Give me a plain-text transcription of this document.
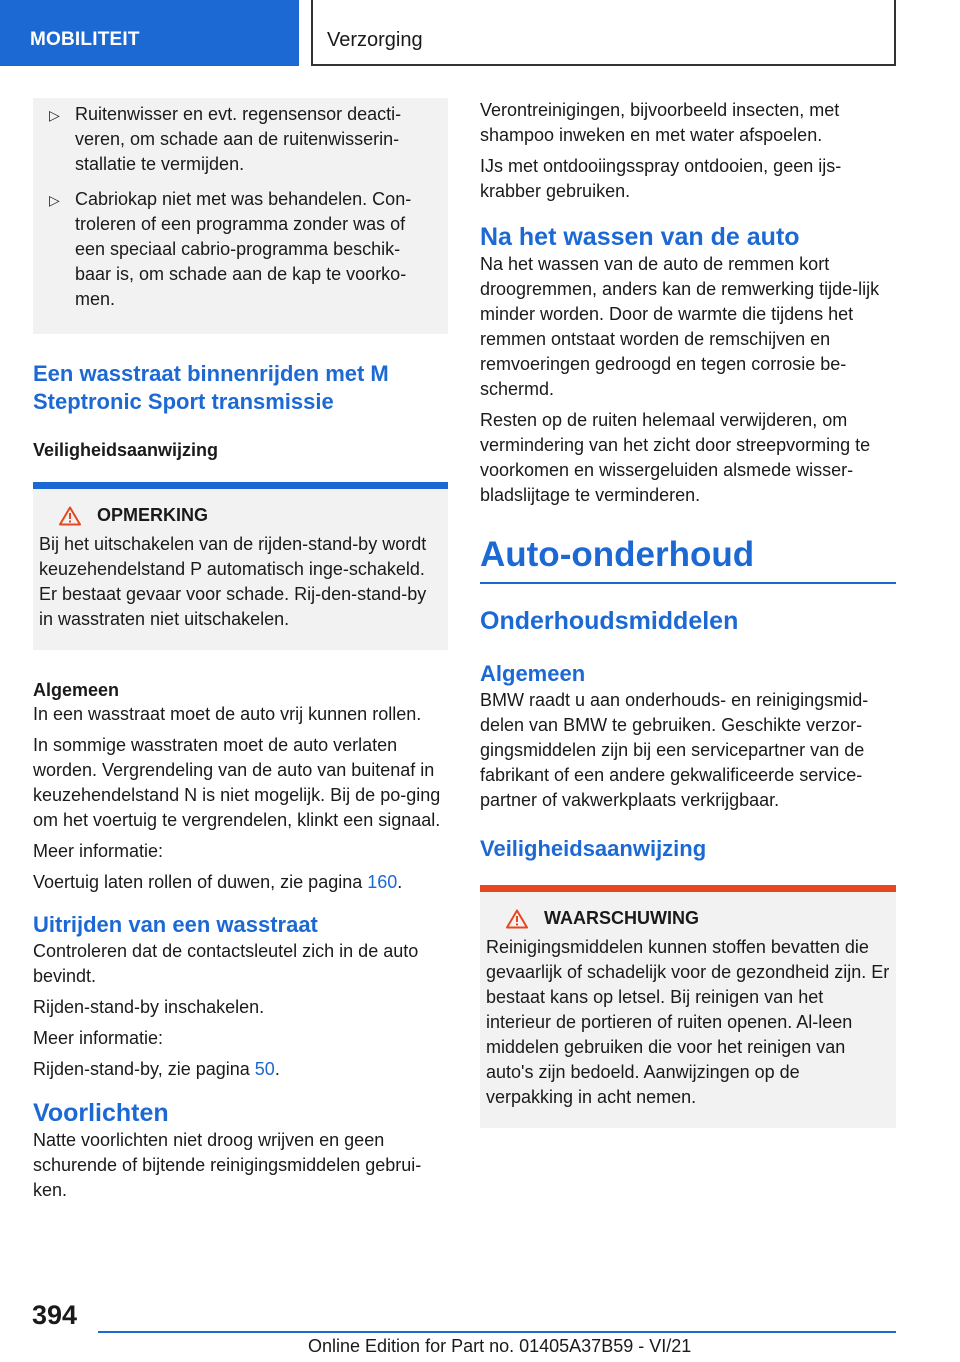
MOBILITEIT	Verzorging
▷ Ruitenwisser en evt. regensensor deacti-veren, om schade aan de ruitenwisserin-stallatie te vermijden.
▷ Cabriokap niet met was behandelen. Con-troleren of een programma zonder was of een speciaal cabrio-programma beschik-baar is, om schade aan de kap te voorko-men.
Een wasstraat binnenrijden met M Steptronic Sport transmissie
Veiligheidsaanwijzing
OPMERKING
Bij het uitschakelen van de rijden-stand-by wordt keuzehendelstand P automatisch inge-schakeld. Er bestaat gevaar voor schade. Rij-den-stand-by in wasstraten niet uitschakelen.
Algemeen

In een wasstraat moet de auto vrij kunnen rollen.

In sommige wasstraten moet de auto verlaten worden. Vergrendeling van de auto van buitenaf in keuzehendelstand N is niet mogelijk. Bij de po-ging om het voertuig te vergrendelen, klinkt een signaal.

Meer informatie:

Voertuig laten rollen of duwen, zie pagina 160.

Uitrijden van een wasstraat

Controleren dat de contactsleutel zich in de auto bevindt.

Rijden-stand-by inschakelen.

Meer informatie:

Rijden-stand-by, zie pagina 50.

Voorlichten

Natte voorlichten niet droog wrijven en geen schurende of bijtende reinigingsmiddelen gebrui-ken.

Verontreinigingen, bijvoorbeeld insecten, met shampoo inweken en met water afspoelen.

IJs met ontdooiingsspray ontdooien, geen ijs-krabber gebruiken.

Na het wassen van de auto

Na het wassen van de auto de remmen kort droogremmen, anders kan de remwerking tijde-lijk minder worden. Door de warmte die tijdens het remmen ontstaat worden de remschijven en remvoeringen gedroogd en tegen corrosie be-schermd.

Resten op de ruiten helemaal verwijderen, om vermindering van het zicht door streepvorming te voorkomen en wissergeluiden alsmede wisser-bladslijtage te verminderen.

Auto-onderhoud
Onderhoudsmiddelen
Algemeen

BMW raadt u aan onderhouds- en reinigingsmid-delen van BMW te gebruiken. Geschikte verzor-gingsmiddelen zijn bij een servicepartner van de fabrikant of een andere gekwalificeerde service-partner of vakwerkplaats verkrijgbaar.

Veiligheidsaanwijzing
WAARSCHUWING
Reinigingsmiddelen kunnen stoffen bevatten die gevaarlijk of schadelijk voor de gezondheid zijn. Er bestaat kans op letsel. Bij reinigen van het interieur de portieren of ruiten openen. Al-leen middelen gebruiken die voor het reinigen van auto's zijn bedoeld. Aanwijzingen op de verpakking in acht nemen.
394
Online Edition for Part no. 01405A37B59 - VI/21
